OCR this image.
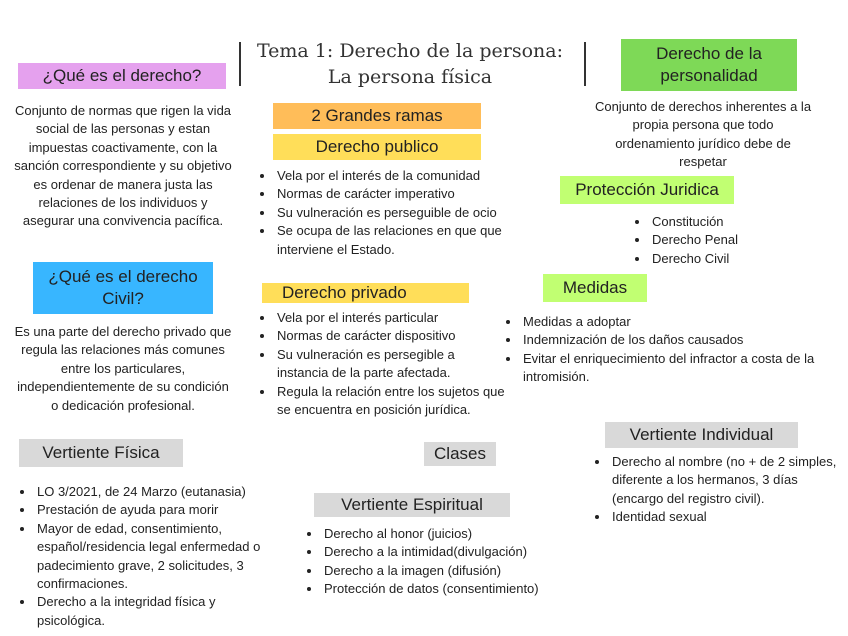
Tema 1: Derecho de la persona: La persona física
¿Qué es el derecho?
Conjunto de normas que rigen la vida social de las personas y estan impuestas coactivamente, con la sanción correspondiente y su objetivo es ordenar de manera justa las relaciones de los individuos y asegurar una convivencia pacífica.
¿Qué es el derecho Civil?
Es una parte del derecho privado que regula las relaciones más comunes entre los particulares, independientemente de su condición o dedicación profesional.
Vertiente Física
• LO 3/2021, de 24 Marzo (eutanasia)
• Prestación de ayuda para morir
• Mayor de edad, consentimiento, español/residencia legal enfermedad o padecimiento grave, 2 solicitudes, 3 confirmaciones.
• Derecho a la integridad física y psicológica.
2 Grandes ramas
Derecho publico
• Vela por el interés de la comunidad
• Normas de carácter imperativo
• Su vulneración es perseguible de ocio
• Se ocupa de las relaciones en que que interviene el Estado.
Derecho privado
• Vela por el interés particular
• Normas de carácter dispositivo
• Su vulneración es persegible a instancia de la parte afectada.
• Regula la relación entre los sujetos que se encuentra en posición jurídica.
Clases
Vertiente Espiritual
• Derecho al honor (juicios)
• Derecho a la intimidad(divulgación)
• Derecho a la imagen (difusión)
• Protección de datos (consentimiento)
Derecho de la personalidad
Conjunto de derechos inherentes a la propia persona que todo ordenamiento jurídico debe de respetar
Protección Juridica
• Constitución
• Derecho Penal
• Derecho Civil
Medidas
• Medidas a adoptar
• Indemnización de los daños causados
• Evitar el enriquecimiento del infractor a costa de la intromisión.
Vertiente Individual
• Derecho al nombre (no + de 2 simples, diferente a los hermanos, 3 días (encargo del registro civil).
• Identidad sexual
